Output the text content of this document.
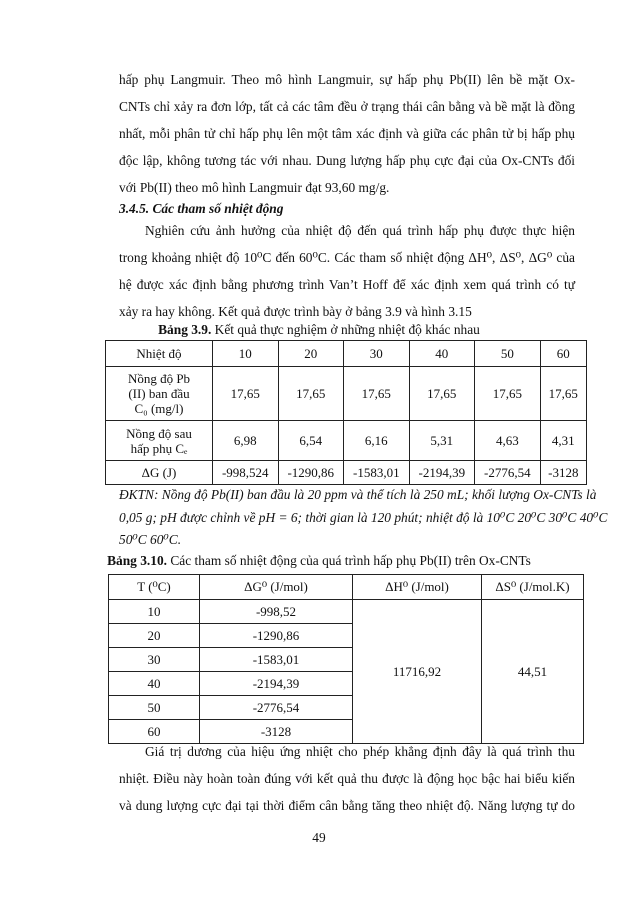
hấp phụ Langmuir. Theo mô hình Langmuir, sự hấp phụ Pb(II) lên bề mặt Ox-

CNTs chỉ xảy ra đơn lớp, tất cả các tâm đều ở trạng thái cân bằng và bề mặt là đồng

nhất, mỗi phân tử chỉ hấp phụ lên một tâm xác định và giữa các phân tử bị hấp phụ

độc lập, không tương tác với nhau. Dung lượng hấp phụ cực đại của Ox-CNTs đối

với Pb(II) theo mô hình Langmuir đạt 93,60 mg/g.

3.4.5. Các tham số nhiệt động

Nghiên cứu ảnh hưởng của nhiệt độ đến quá trình hấp phụ được thực hiện

trong khoảng nhiệt độ 10⁰C đến 60⁰C. Các tham số nhiệt động ΔH⁰, ΔS⁰, ΔG⁰ của

hệ được xác định bằng phương trình Van’t Hoff để xác định xem quá trình có tự

xảy ra hay không. Kết quả được trình bày ở bảng 3.9 và hình 3.15

Bảng 3.9. Kết quả thực nghiệm ở những nhiệt độ khác nhau

Nhiệt độ	10	20	30	40	50	60
Nồng độ Pb
(II) ban đầu
C₀ (mg/l)	17,65	17,65	17,65	17,65	17,65	17,65
Nồng độ sau
hấp phụ Cₑ	6,98	6,54	6,16	5,31	4,63	4,31
ΔG (J)	-998,524	-1290,86	-1583,01	-2194,39	-2776,54	-3128

ĐKTN: Nồng độ Pb(II) ban đầu là 20 ppm và thể tích là 250 mL; khối lượng Ox-CNTs là

0,05 g; pH được chỉnh về pH = 6; thời gian là 120 phút; nhiệt độ là 10⁰C 20⁰C 30⁰C 40⁰C

50⁰C 60⁰C.

Bảng 3.10. Các tham số nhiệt động của quá trình hấp phụ Pb(II) trên Ox-CNTs

T (⁰C)	ΔG⁰ (J/mol)	ΔH⁰ (J/mol)	ΔS⁰ (J/mol.K)
10	-998,52	11716,92	44,51
20	-1290,86		
30	-1583,01		
40	-2194,39		
50	-2776,54		
60	-3128		

Giá trị dương của hiệu ứng nhiệt cho phép khẳng định đây là quá trình thu

nhiệt. Điều này hoàn toàn đúng với kết quả thu được là động học bậc hai biểu kiến

và dung lượng cực đại tại thời điểm cân bằng tăng theo nhiệt độ. Năng lượng tự do

49
